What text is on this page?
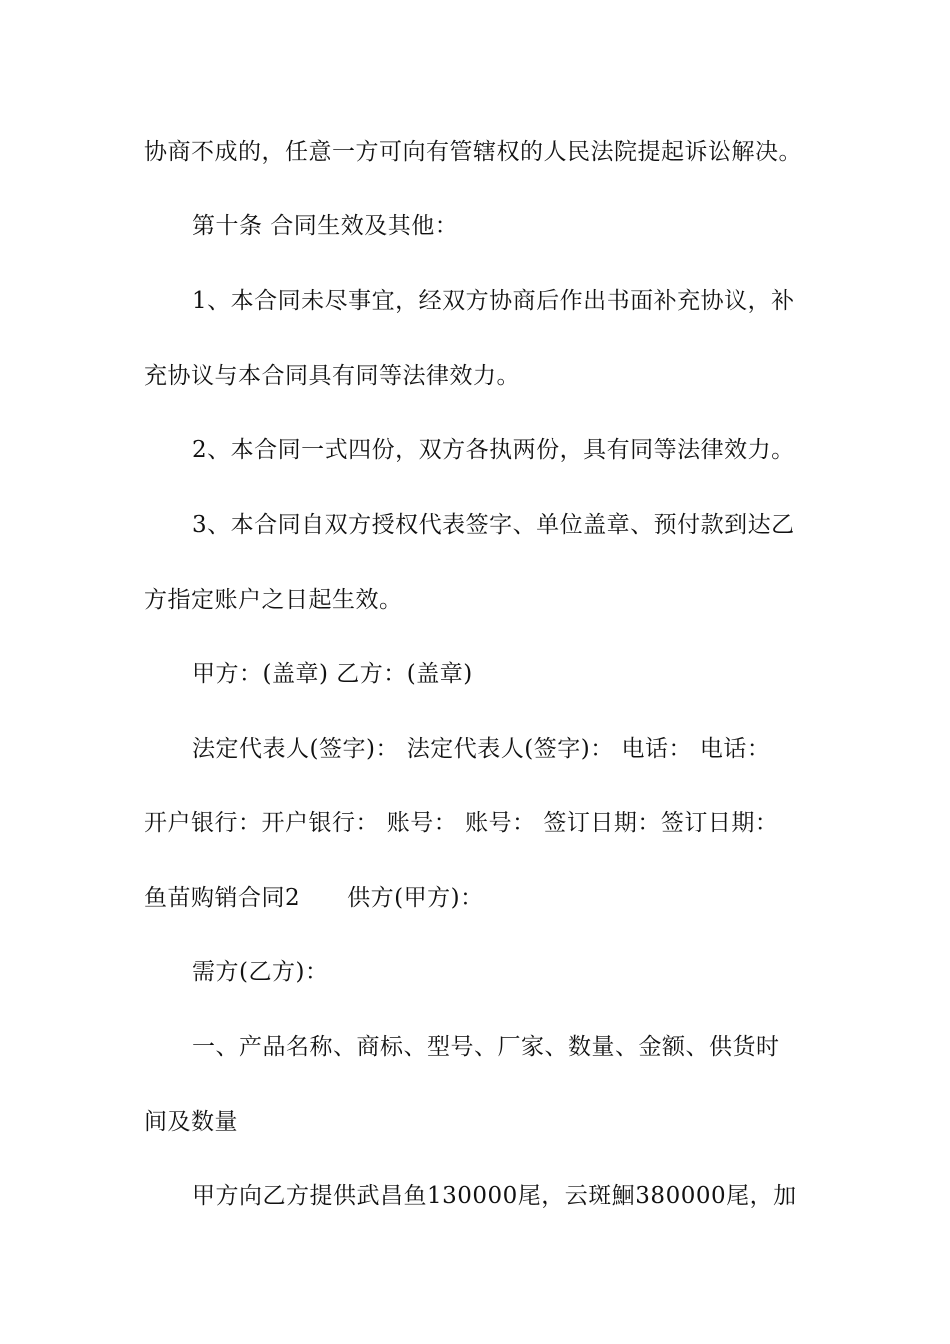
协商不成的，任意一方可向有管辖权的人民法院提起诉讼解决。
第十条 合同生效及其他：
1、本合同未尽事宜，经双方协商后作出书面补充协议，补
充协议与本合同具有同等法律效力。
2、本合同一式四份，双方各执两份，具有同等法律效力。
3、本合同自双方授权代表签字、单位盖章、预付款到达乙
方指定账户之日起生效。
甲方：(盖章) 乙方：(盖章)
法定代表人(签字)： 法定代表人(签字)： 电话： 电话：
开户银行：开户银行： 账号： 账号： 签订日期：签订日期：
鱼苗购销合同2　　供方(甲方)：
需方(乙方)：
一、产品名称、商标、型号、厂家、数量、金额、供货时
间及数量
甲方向乙方提供武昌鱼130000尾，云斑鮰380000尾，加
